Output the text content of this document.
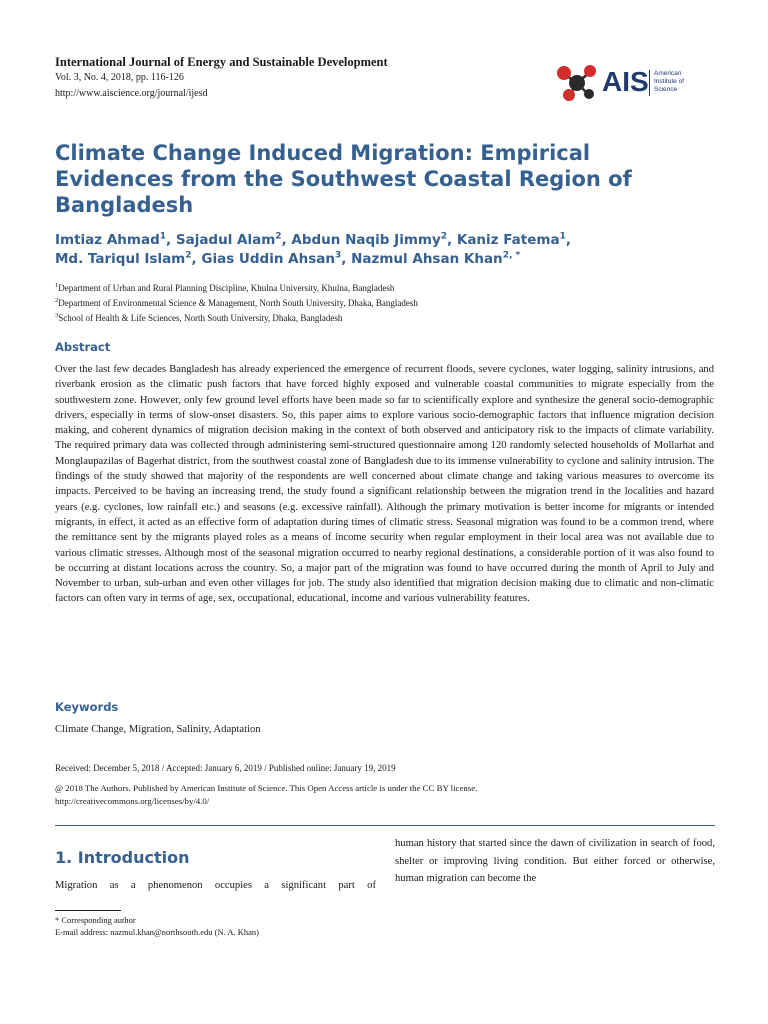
International Journal of Energy and Sustainable Development
Vol. 3, No. 4, 2018, pp. 116-126
http://www.aiscience.org/journal/ijesd	AIS American
Institute of
Science
Climate Change Induced Migration: Empirical Evidences from the Southwest Coastal Region of Bangladesh
Imtiaz Ahmad$^1$, Sajadul Alam$^2$, Abdun Naqib Jimmy$^2$, Kaniz Fatema$^1$,
Md. Tariqul Islam$^2$, Gias Uddin Ahsan$^3$, Nazmul Ahsan Khan$^{2, *}$
$^1$Department of Urban and Rural Planning Discipline, Khulna University, Khulna, Bangladesh
$^2$Department of Environmental Science & Management, North South University, Dhaka, Bangladesh
$^3$School of Health & Life Sciences, North South University, Dhaka, Bangladesh
Abstract
Over the last few decades Bangladesh has already experienced the emergence of recurrent floods, severe cyclones, water logging, salinity intrusions, and riverbank erosion as the climatic push factors that have forced highly exposed and vulnerable coastal communities to migrate especially from the southwestern zone. However, only few ground level efforts have been made so far to scientifically explore and synthesize the general socio-demographic drivers, especially in terms of slow-onset disasters. So, this paper aims to explore various socio-demographic factors that influence migration decision making, and coherent dynamics of migration decision making in the context of both observed and anticipatory risk to the impacts of climate variability. The required primary data was collected through administering semi-structured questionnaire among 120 randomly selected households of Mollarhat and Monglaupazilas of Bagerhat district, from the southwest coastal zone of Bangladesh due to its immense vulnerability to cyclone and salinity intrusion. The findings of the study showed that majority of the respondents are well concerned about climate change and taking various measures to overcome its impacts. Perceived to be having an increasing trend, the study found a significant relationship between the migration trend in the localities and hazard years (e.g. cyclones, low rainfall etc.) and seasons (e.g. excessive rainfall). Although the primary motivation is better income for migrants or intended migrants, in effect, it acted as an effective form of adaptation during times of climatic stress. Seasonal migration was found to be a common trend, where the remittance sent by the migrants played roles as a means of income security when regular employment in their local area was not available due to various climatic stresses. Although most of the seasonal migration occurred to nearby regional destinations, a considerable portion of it was also found to be occurring at distant locations across the country. So, a major part of the migration was found to have occurred during the month of April to July and November to urban, sub-urban and even other villages for job. The study also identified that migration decision making due to climatic and non-climatic factors can often vary in terms of age, sex, occupational, educational, income and various vulnerability features.
Keywords
Climate Change, Migration, Salinity, Adaptation
Received: December 5, 2018 / Accepted: January 6, 2019 / Published online: January 19, 2019
@ 2018 The Authors. Published by American Institute of Science. This Open Access article is under the CC BY license.
http://creativecommons.org/licenses/by/4.0/
1. Introduction
Migration as a phenomenon occupies a significant part of
human history that started since the dawn of civilization in search of food, shelter or improving living condition. But either forced or otherwise, human migration can become the
* Corresponding author
E-mail address: nazmul.khan@northsouth.edu (N. A. Khan)
